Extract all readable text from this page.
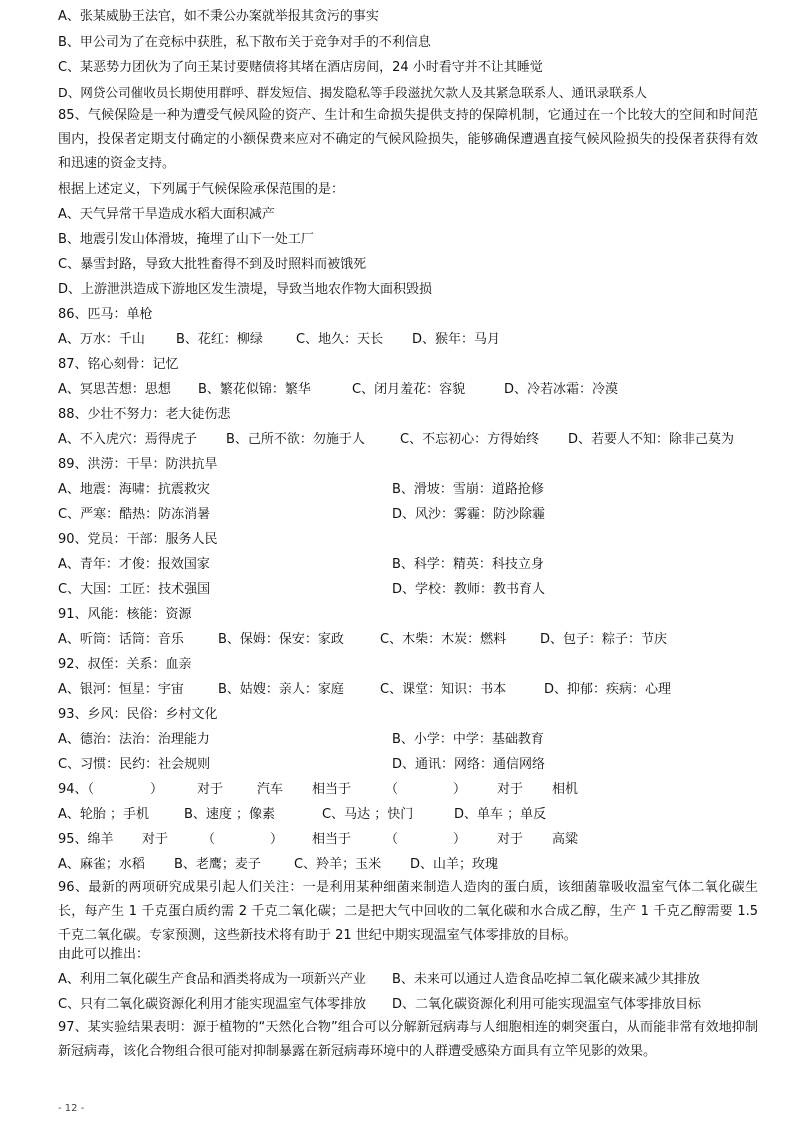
A、张某威胁王法官，如不秉公办案就举报其贪污的事实
B、甲公司为了在竞标中获胜，私下散布关于竞争对手的不利信息
C、某恶势力团伙为了向王某讨要赌债将其堵在酒店房间，24 小时看守并不让其睡觉
D、网贷公司催收员长期使用群呼、群发短信、揭发隐私等手段滋扰欠款人及其紧急联系人、通讯录联系人
85、气候保险是一种为遭受气候风险的资产、生计和生命损失提供支持的保障机制，它通过在一个比较大的空间和时间范围内，投保者定期支付确定的小额保费来应对不确定的气候风险损失，能够确保遭遇直接气候风险损失的投保者获得有效和迅速的资金支持。
根据上述定义，下列属于气候保险承保范围的是：
A、天气异常干旱造成水稻大面积减产
B、地震引发山体滑坡，掩埋了山下一处工厂
C、暴雪封路，导致大批牲畜得不到及时照料而被饿死
D、上游泄洪造成下游地区发生溃堤，导致当地农作物大面积毁损
86、匹马：单枪
A、万水：千山 B、花红：柳绿	C、地久：天长 D、猴年：马月
87、铭心刻骨：记忆
A、冥思苦想：思想 B、繁花似锦：繁华	C、闭月羞花：容貌	D、冷若冰霜：冷漠
88、少壮不努力：老大徒伤悲
A、不入虎穴：焉得虎子 B、己所不欲：勿施于人	C、不忘初心：方得始终 D、若要人不知：除非己莫为
89、洪涝：干旱：防洪抗旱
A、地震：海啸：抗震救灾	B、滑坡：雪崩：道路抢修
C、严寒：酷热：防冻消暑	D、风沙：雾霾：防沙除霾
90、党员：干部：服务人民
A、青年：才俊：报效国家	B、科学：精英：科技立身
C、大国：工匠：技术强国	D、学校：教师：教书育人
91、风能：核能：资源
A、听筒：话筒：音乐	B、保姆：保安：家政	C、木柴：木炭：燃料	D、包子：粽子：节庆
92、叔侄：关系：血亲
A、银河：恒星：宇宙	B、姑嫂：亲人：家庭	C、课堂：知识：书本	D、抑郁：疾病：心理
93、乡风：民俗：乡村文化
A、德治：法治：治理能力	B、小学：中学：基础教育
C、习惯：民约：社会规则	D、通讯：网络：通信网络
94、（	）	对于	汽车 相当于	（	） 对于 相机
A、轮胎 ；手机	B、速度 ；像素	C、马达 ；快门	D、单车 ；单反
95、绵羊 对于	（	） 相当于	（	） 对于 高粱
A、麻雀；水稻 B、老鹰；麦子	C、羚羊；玉米 D、山羊；玫瑰
96、最新的两项研究成果引起人们关注：一是利用某种细菌来制造人造肉的蛋白质，该细菌靠吸收温室气体二氧化碳生长，每产生 1 千克蛋白质约需 2 千克二氧化碳；二是把大气中回收的二氧化碳和水合成乙醇，生产 1 千克乙醇需要 1.5 千克二氧化碳。专家预测，这些新技术将有助于 21 世纪中期实现温室气体零排放的目标。
由此可以推出：
A、利用二氧化碳生产食品和酒类将成为一项新兴产业 B、未来可以通过人造食品吃掉二氧化碳来减少其排放
C、只有二氧化碳资源化利用才能实现温室气体零排放 D、二氧化碳资源化利用可能实现温室气体零排放目标
97、某实验结果表明：源于植物的“天然化合物”组合可以分解新冠病毒与人细胞相连的刺突蛋白，从而能非常有效地抑制新冠病毒，该化合物组合很可能对抑制暴露在新冠病毒环境中的人群遭受感染方面具有立竿见影的效果。
- 12 -
